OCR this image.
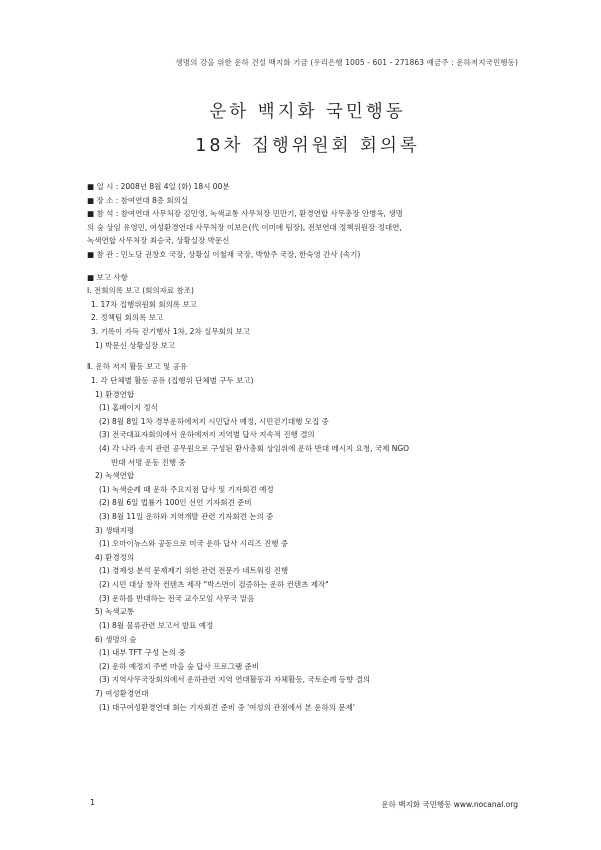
생명의 강을 위한 운하 건설 백지화 기금 (우리은행 1005 - 601 - 271863 예금주 : 운하저지국민행동)
운하 백지화 국민행동
18차 집행위원회 회의록
■ 일 시 : 2008년 8월 4일 (화) 18시 00분
■ 장 소 : 참여연대 8층 회의실
■ 참 석 : 참여연대 사무처장 김민영, 녹색교통 사무처장 민만기, 환경연합 사무총장 안병옥, 생명
의 숲 상임 유영민, 여성환경연대 사무처장 이보은(代 이미애 팀장), 전보연대 정책위원장 정대연,
녹색연합 사무처장 최승국, 상황실장 박문신
■ 참 관 : 민노당 권창호 국장, 상황실 이철재 국장, 박항주 국장, 한숙영 간사 (속기)
■ 보고 사항
Ⅰ. 전회의록 보고 (회의자료 참조)
1. 17차 집행위원회 회의록 보고
2. 정책팀 회의록 보고
3. 기록이 가득 걷기행사 1차, 2차 실무회의 보고
1) 박문신 상황실장 보고
Ⅱ. 운하 저지 활동 보고 및 공유
1. 각 단체별 활동 공유 (집행위 단체별 구두 보고)
1) 환경연합
(1) 홈페이지 정식
(2) 8월 8일 1차 경부운하에저지 시민답사 예정, 시민걷기대행 모집 중
(3) 전국대표자회의에서 운하에저지 지역별 답사 지속적 진행 결의
(4) 각 나라 송지 관련 공무원으로 구성된 환사총회 상임위에 운하 반대 메시지 요청, 국제 NGO
반대 서명 운동 진행 중
2) 녹색연합
(1) 녹색순례 때 운하 주요지점 답사 및 기자회견 예정
(2) 8월 6일 법률가 100인 선언 기자회견 준비
(3) 8월 11일 운하와 지역개발 관련 기자회견 논의 중
3) 생태지평
(1) 오마이뉴스와 공동으로 미국 운하 답사 시리즈 진행 중
4) 환경정의
(1) 경제성 분석 문제제기 위한 관련 전문가 네트워킹 진행
(2) 시민 대상 창작 컨텐츠 제작 "박스면이 검증하는 운하 컨텐츠 제작"
(3) 운하를 반대하는 전국 교수모임 사무국 맡음
5) 녹색교통
(1) 8월 물류관련 보고서 발표 예정
6) 생명의 숲
(1) 내부 TFT 구성 논의 중
(2) 운하 예정지 주변 마을 숲 답사 프로그램 준비
(3) 지역사무국장회의에서 운하관련 지역 연대활동과 자체활동, 국토순례 등향 결의
7) 여성환경연대
(1) 대구여성환경연대 회는 기자회견 준비 중 '여성의 관점에서 본 운하의 문제'
1	운하 백지화 국민행동 www.nocanal.org
